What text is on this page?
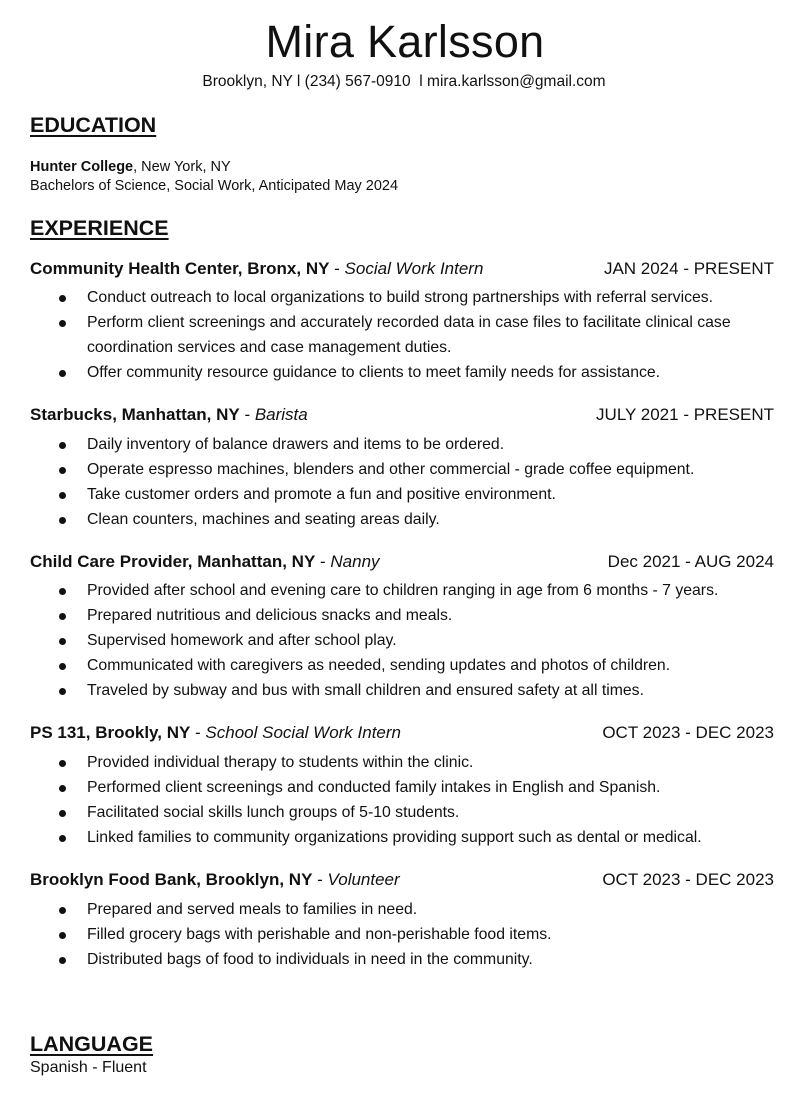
Mira Karlsson
Brooklyn, NY l (234) 567-0910  l mira.karlsson@gmail.com
EDUCATION
Hunter College, New York, NY
Bachelors of Science, Social Work, Anticipated May 2024
EXPERIENCE
Community Health Center, Bronx, NY - Social Work Intern	JAN 2024 - PRESENT
Conduct outreach to local organizations to build strong partnerships with referral services.
Perform client screenings and accurately recorded data in case files to facilitate clinical case coordination services and case management duties.
Offer community resource guidance to clients to meet family needs for assistance.
Starbucks, Manhattan, NY - Barista	JULY 2021 - PRESENT
Daily inventory of balance drawers and items to be ordered.
Operate espresso machines, blenders and other commercial - grade coffee equipment.
Take customer orders and promote a fun and positive environment.
Clean counters, machines and seating areas daily.
Child Care Provider, Manhattan, NY - Nanny	Dec 2021 - AUG 2024
Provided after school and evening care to children ranging in age from 6 months - 7 years.
Prepared nutritious and delicious snacks and meals.
Supervised homework and after school play.
Communicated with caregivers as needed, sending updates and photos of children.
Traveled by subway and bus with small children and ensured safety at all times.
PS 131, Brookly, NY - School Social Work Intern	OCT 2023 - DEC 2023
Provided individual therapy to students within the clinic.
Performed client screenings and conducted family intakes in English and Spanish.
Facilitated social skills lunch groups of 5-10 students.
Linked families to community organizations providing support such as dental or medical.
Brooklyn Food Bank, Brooklyn, NY - Volunteer	OCT 2023 - DEC 2023
Prepared and served meals to families in need.
Filled grocery bags with perishable and non-perishable food items.
Distributed bags of food to individuals in need in the community.
LANGUAGE
Spanish - Fluent
